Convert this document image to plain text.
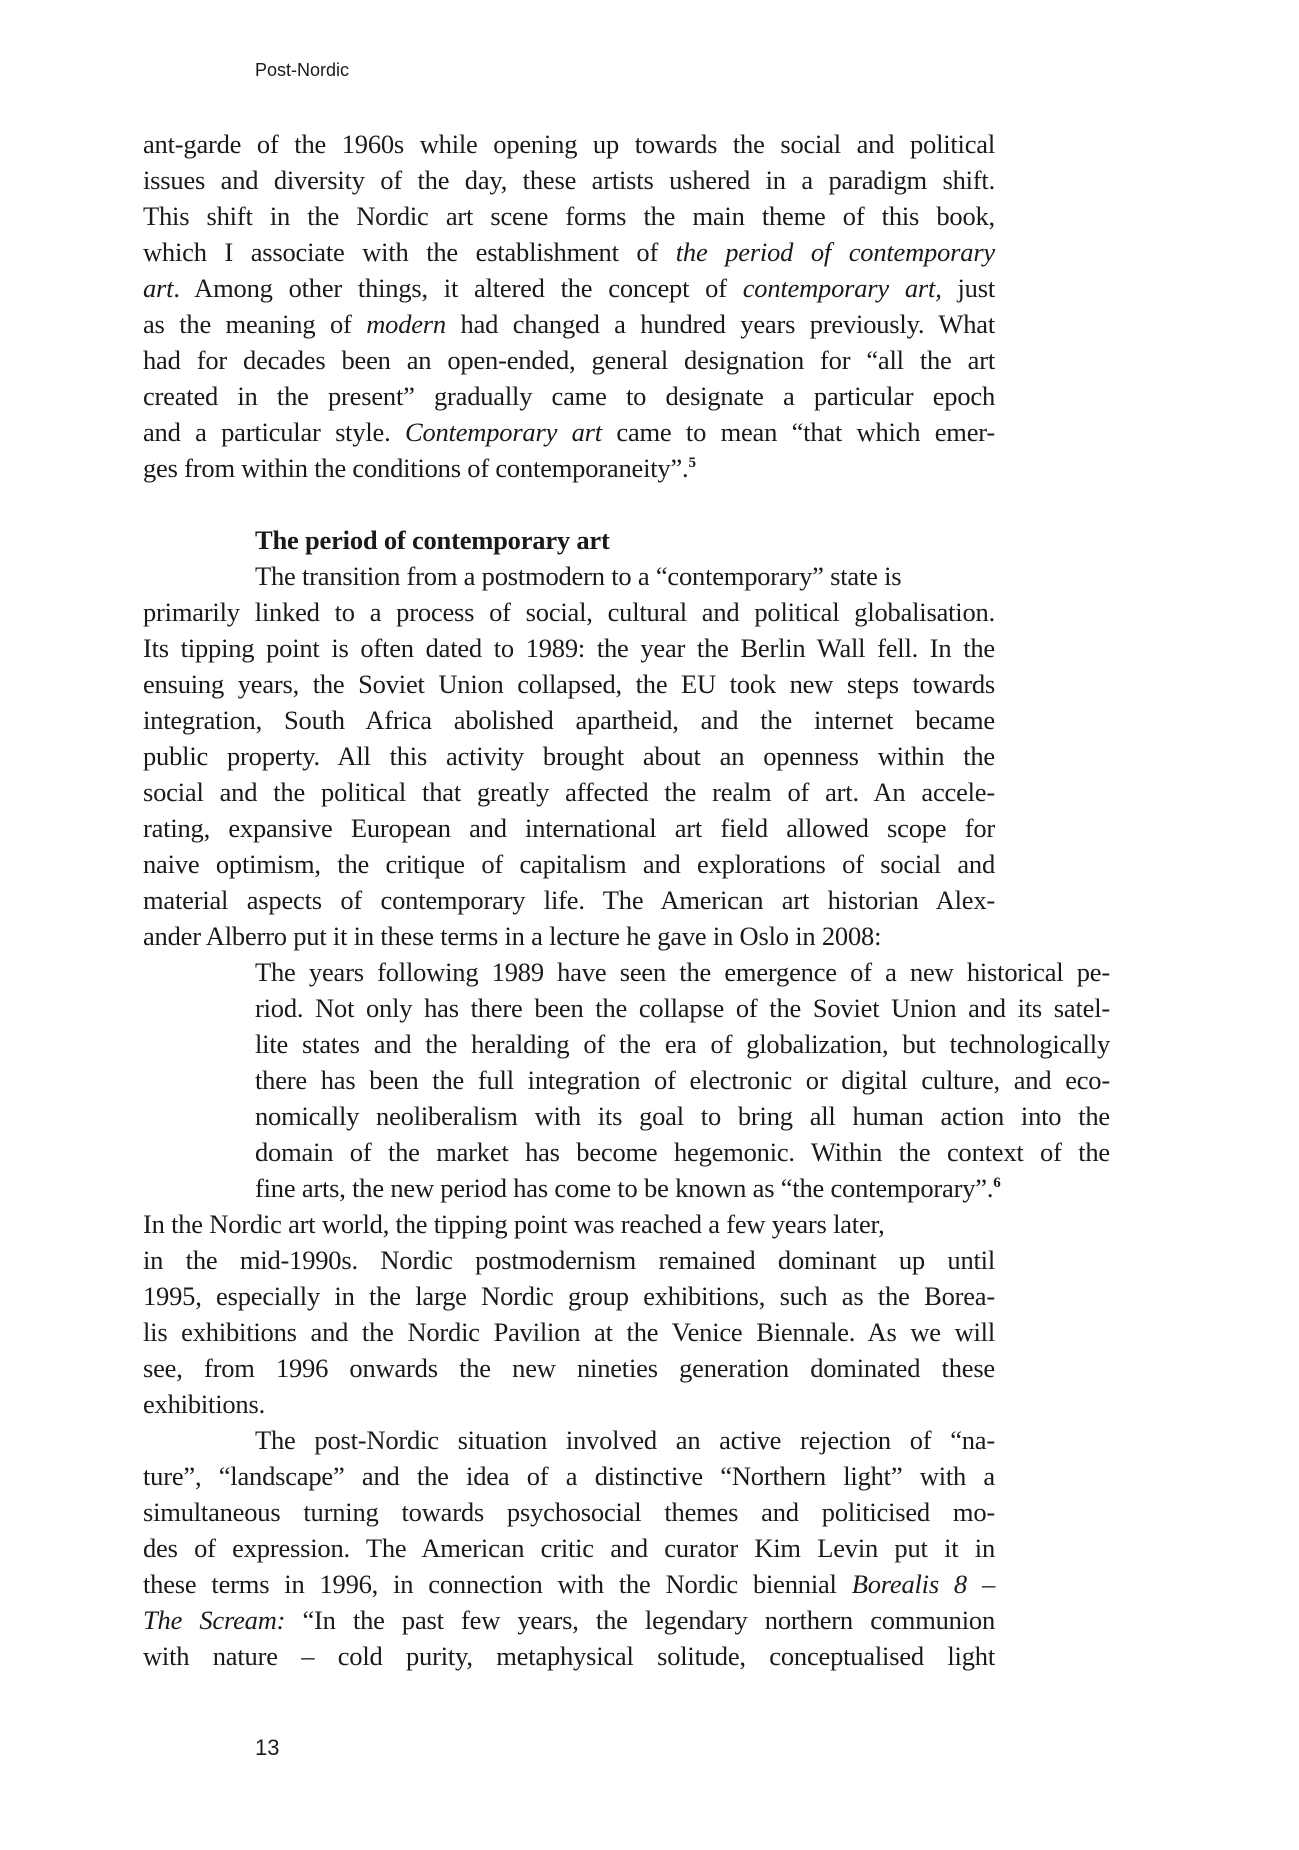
Post-Nordic
ant-garde of the 1960s while opening up towards the social and political
issues and diversity of the day, these artists ushered in a paradigm shift.
This shift in the Nordic art scene forms the main theme of this book,
which I associate with the establishment of the period of contemporary
art. Among other things, it altered the concept of contemporary art, just
as the meaning of modern had changed a hundred years previously. What
had for decades been an open-ended, general designation for “all the art
created in the present” gradually came to designate a particular epoch
and a particular style. Contemporary art came to mean “that which emer-
ges from within the conditions of contemporaneity”.$^5$
The period of contemporary art
The transition from a postmodern to a “contemporary” state is
primarily linked to a process of social, cultural and political globalisation.
Its tipping point is often dated to 1989: the year the Berlin Wall fell. In the
ensuing years, the Soviet Union collapsed, the EU took new steps towards
integration, South Africa abolished apartheid, and the internet became
public property. All this activity brought about an openness within the
social and the political that greatly affected the realm of art. An accele-
rating, expansive European and international art field allowed scope for
naive optimism, the critique of capitalism and explorations of social and
material aspects of contemporary life. The American art historian Alex-
ander Alberro put it in these terms in a lecture he gave in Oslo in 2008:
The years following 1989 have seen the emergence of a new historical pe-
riod. Not only has there been the collapse of the Soviet Union and its satel-
lite states and the heralding of the era of globalization, but technologically
there has been the full integration of electronic or digital culture, and eco-
nomically neoliberalism with its goal to bring all human action into the
domain of the market has become hegemonic. Within the context of the
fine arts, the new period has come to be known as “the contemporary”.$^6$
In the Nordic art world, the tipping point was reached a few years later,
in the mid-1990s. Nordic postmodernism remained dominant up until
1995, especially in the large Nordic group exhibitions, such as the Borea-
lis exhibitions and the Nordic Pavilion at the Venice Biennale. As we will
see, from 1996 onwards the new nineties generation dominated these
exhibitions.
The post-Nordic situation involved an active rejection of “na-
ture”, “landscape” and the idea of a distinctive “Northern light” with a
simultaneous turning towards psychosocial themes and politicised mo-
des of expression. The American critic and curator Kim Levin put it in
these terms in 1996, in connection with the Nordic biennial Borealis 8 –
The Scream: “In the past few years, the legendary northern communion
with nature – cold purity, metaphysical solitude, conceptualised light
13
